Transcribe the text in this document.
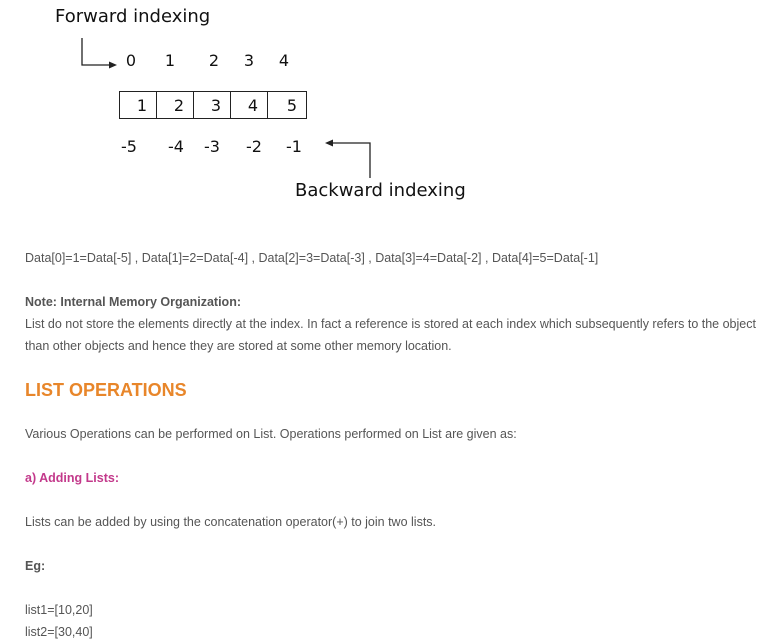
Forward indexing
0 1 2 3 4
1	2	3	4	5
-5 -4 -3 -2 -1
Backward indexing
Data[0]=1=Data[-5] , Data[1]=2=Data[-4] , Data[2]=3=Data[-3] , Data[3]=4=Data[-2] , Data[4]=5=Data[-1]
Note: Internal Memory Organization:
List do not store the elements directly at the index. In fact a reference is stored at each index which subsequently refers to the object
than other objects and hence they are stored at some other memory location.
LIST OPERATIONS
Various Operations can be performed on List. Operations performed on List are given as:
a) Adding Lists:
Lists can be added by using the concatenation operator(+) to join two lists.
Eg:
list1=[10,20]
list2=[30,40]
